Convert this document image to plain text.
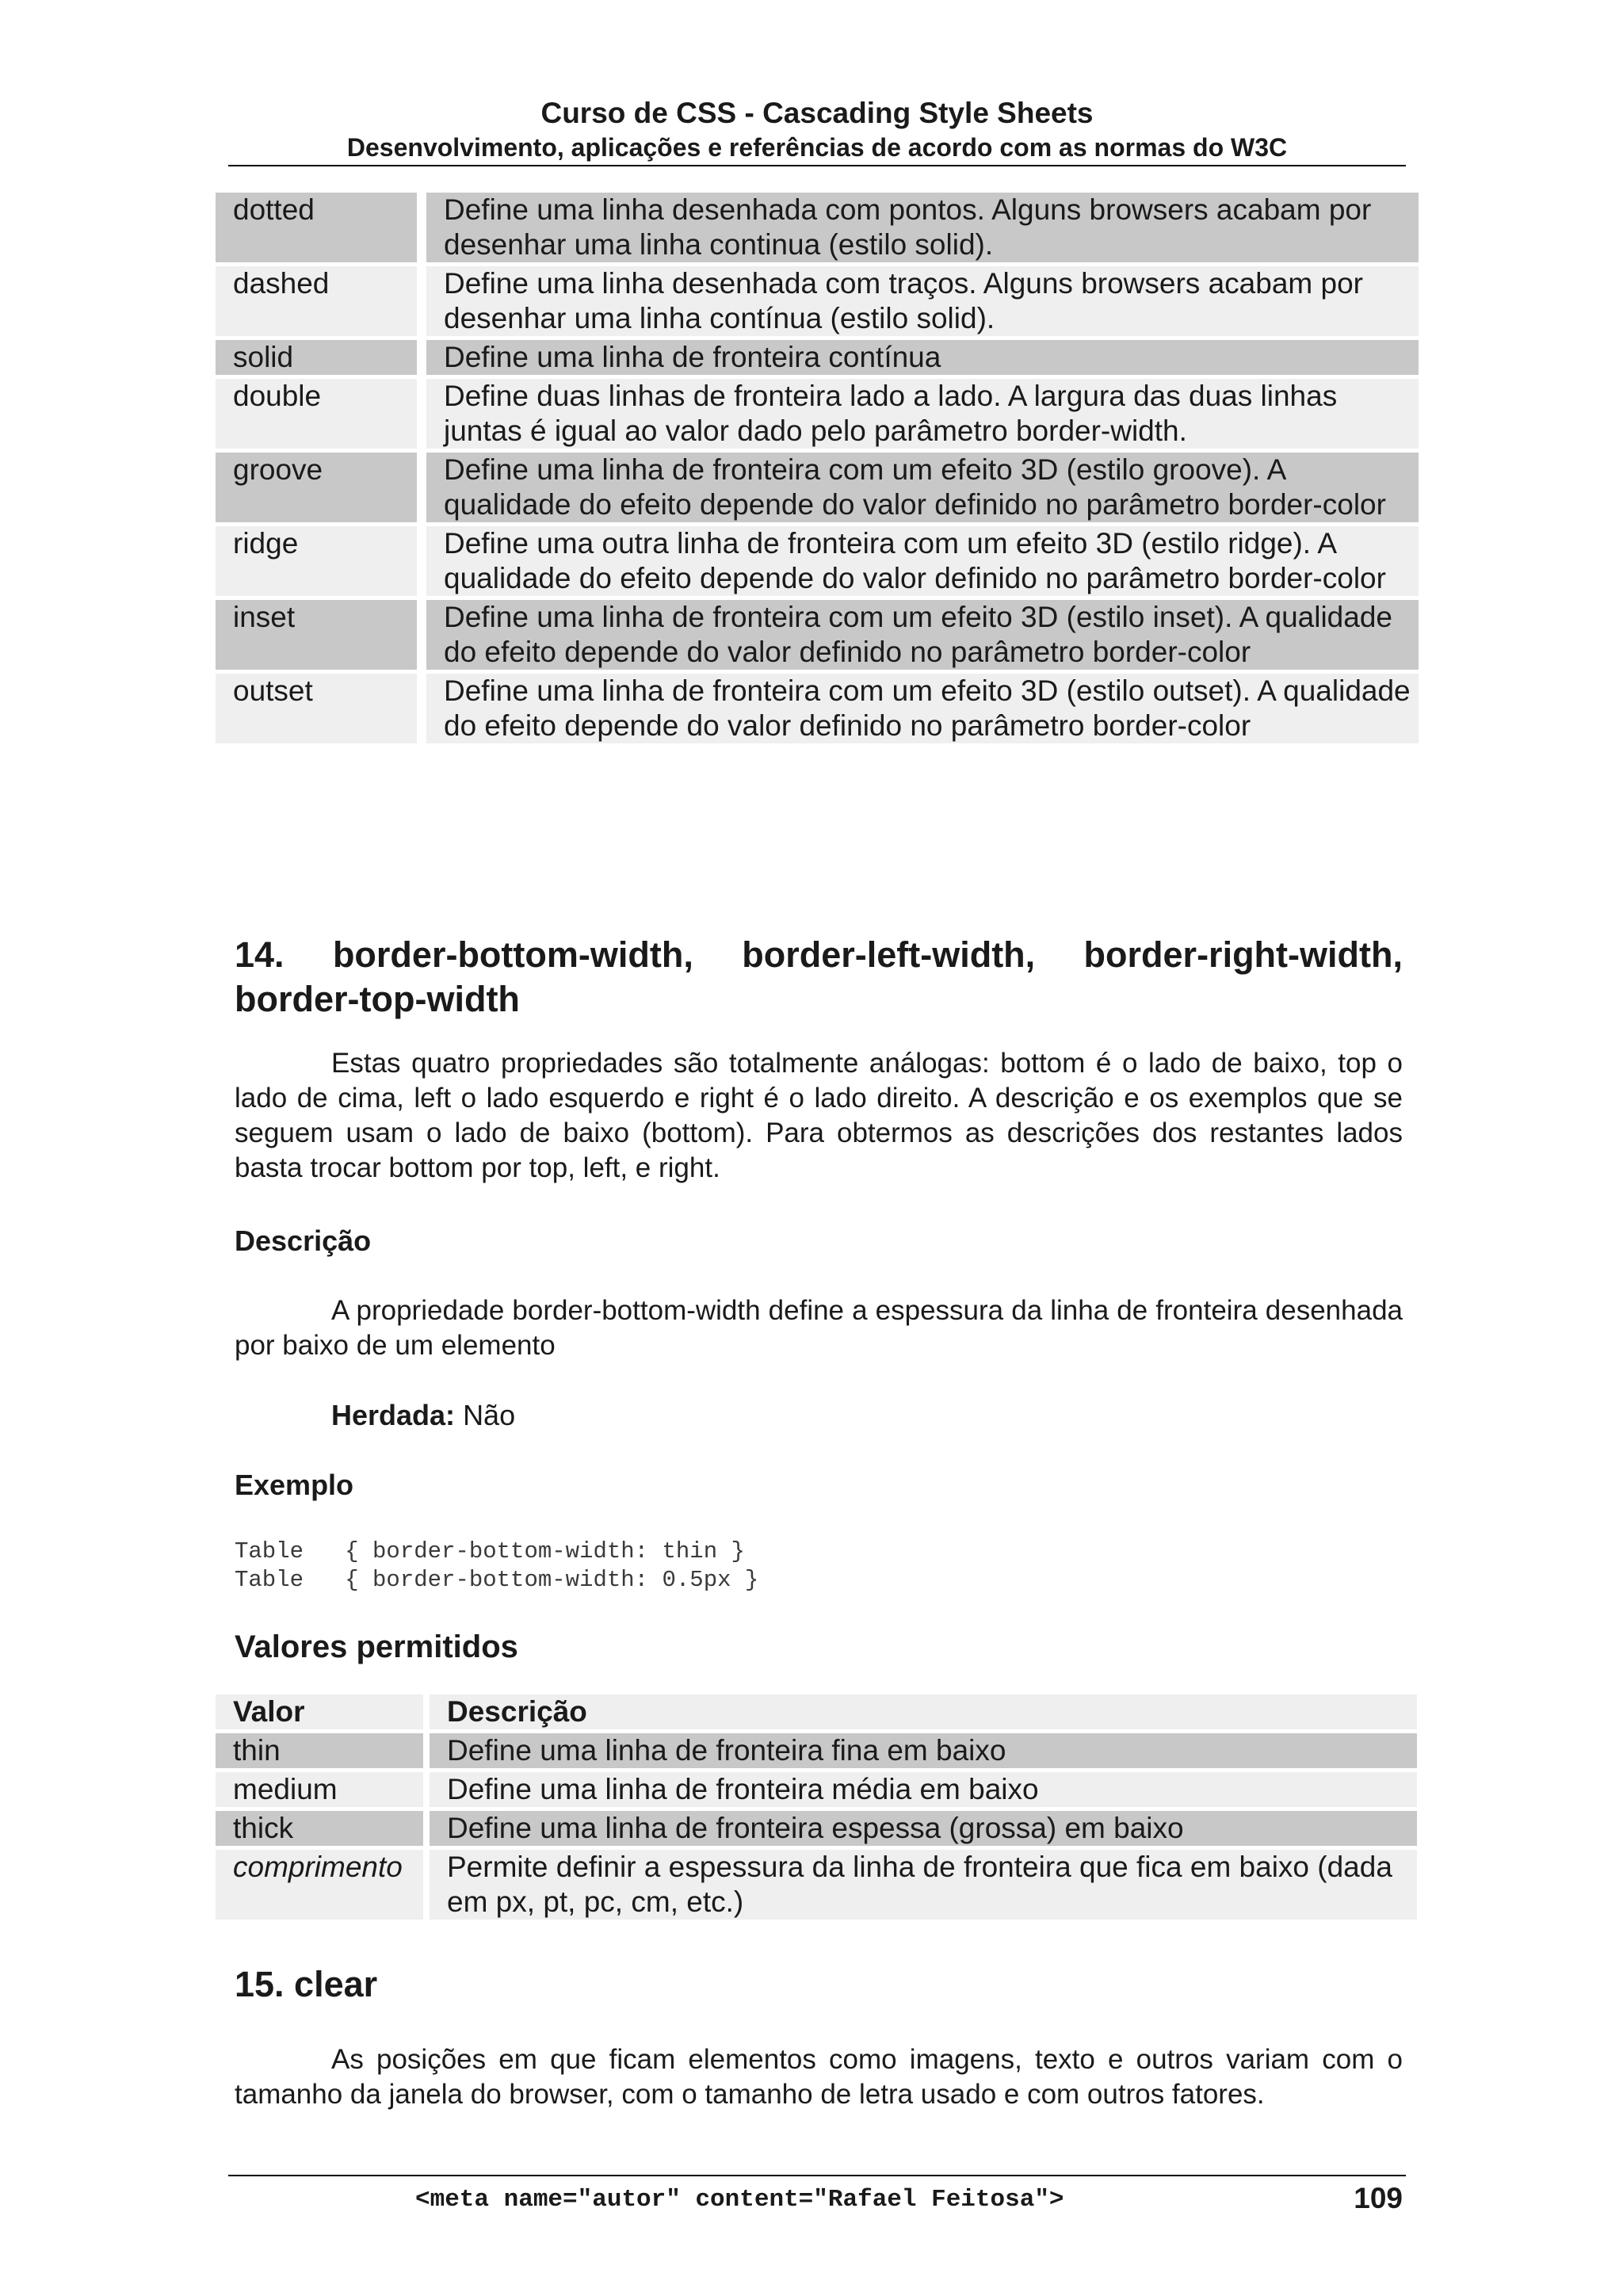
Curso de CSS - Cascading Style Sheets
Desenvolvimento, aplicações e referências de acordo com as normas do W3C
dotted	Define uma linha desenhada com pontos. Alguns browsers acabam por desenhar uma linha continua (estilo solid).
dashed	Define uma linha desenhada com traços. Alguns browsers acabam por desenhar uma linha contínua (estilo solid).
solid	Define uma linha de fronteira contínua
double	Define duas linhas de fronteira lado a lado. A largura das duas linhas juntas é igual ao valor dado pelo parâmetro border-width.
groove	Define uma linha de fronteira com um efeito 3D (estilo groove). A qualidade do efeito depende do valor definido no parâmetro border-color
ridge	Define uma outra linha de fronteira com um efeito 3D (estilo ridge). A qualidade do efeito depende do valor definido no parâmetro border-color
inset	Define uma linha de fronteira com um efeito 3D (estilo inset). A qualidade do efeito depende do valor definido no parâmetro border-color
outset	Define uma linha de fronteira com um efeito 3D (estilo outset). A qualidade do efeito depende do valor definido no parâmetro border-color
14. border-bottom-width, border-left-width, border-right-width, border-top-width
Estas quatro propriedades são totalmente análogas: bottom é o lado de baixo, top o lado de cima, left o lado esquerdo e right é o lado direito. A descrição e os exemplos que se seguem usam o lado de baixo (bottom). Para obtermos as descrições dos restantes lados basta trocar bottom por top, left, e right.
Descrição
A propriedade border-bottom-width define a espessura da linha de fronteira desenhada por baixo de um elemento
Herdada: Não
Exemplo
Table   { border-bottom-width: thin }
Table   { border-bottom-width: 0.5px }
Valores permitidos
Valor	Descrição
thin	Define uma linha de fronteira fina em baixo
medium	Define uma linha de fronteira média em baixo
thick	Define uma linha de fronteira espessa (grossa) em baixo
comprimento	Permite definir a espessura da linha de fronteira que fica em baixo (dada em px, pt, pc, cm, etc.)
15. clear
As posições em que ficam elementos como imagens, texto e outros variam com o tamanho da janela do browser, com o tamanho de letra usado e com outros fatores.
<meta name="autor" content="Rafael Feitosa">	109
